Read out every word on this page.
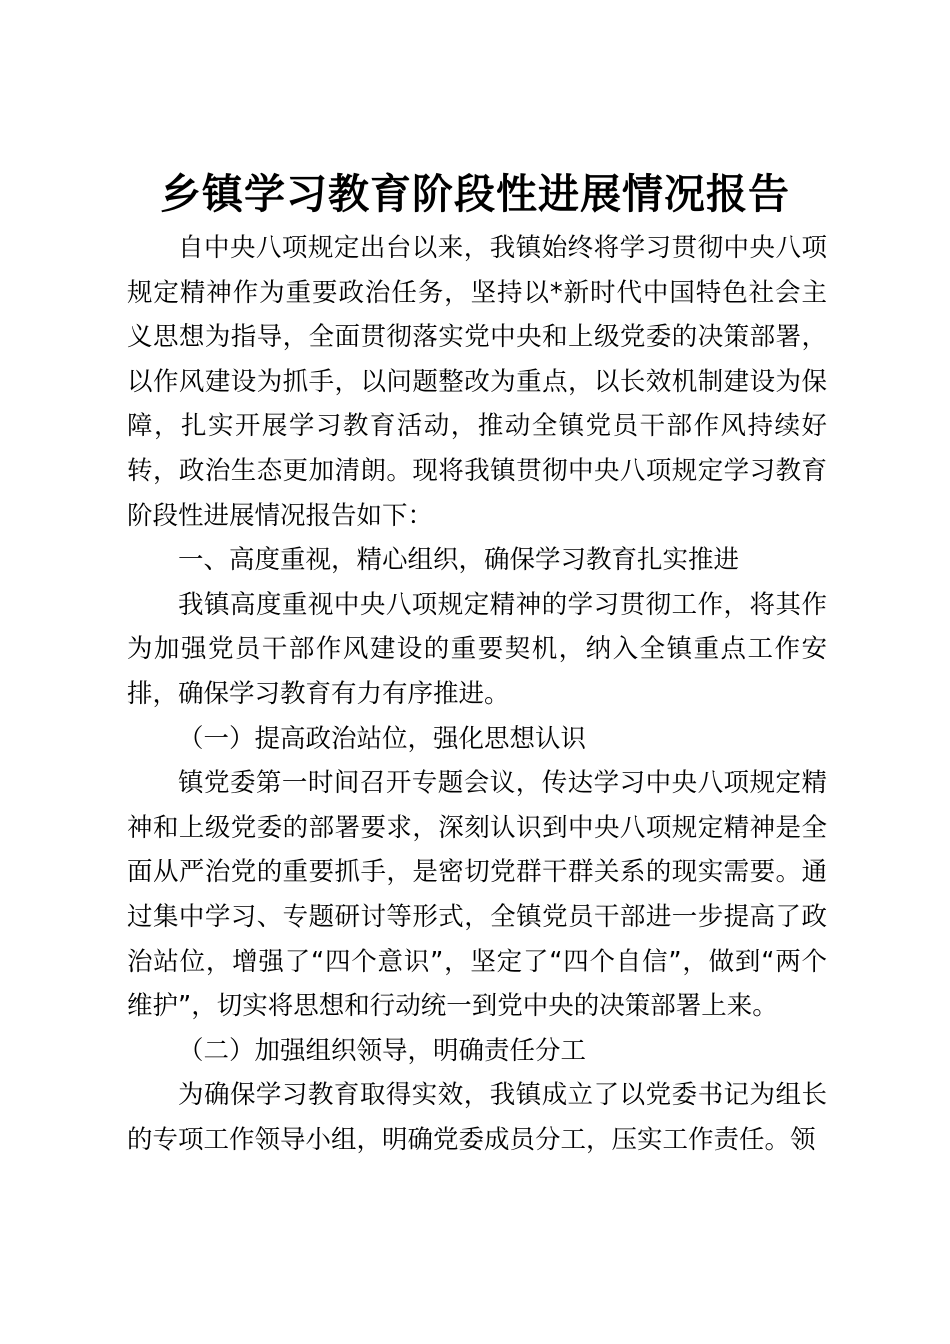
乡镇学习教育阶段性进展情况报告

自中央八项规定出台以来，我镇始终将学习贯彻中央八项规定精神作为重要政治任务，坚持以*新时代中国特色社会主义思想为指导，全面贯彻落实党中央和上级党委的决策部署，以作风建设为抓手，以问题整改为重点，以长效机制建设为保障，扎实开展学习教育活动，推动全镇党员干部作风持续好转，政治生态更加清朗。现将我镇贯彻中央八项规定学习教育阶段性进展情况报告如下：

一、高度重视，精心组织，确保学习教育扎实推进

我镇高度重视中央八项规定精神的学习贯彻工作，将其作为加强党员干部作风建设的重要契机，纳入全镇重点工作安排，确保学习教育有力有序推进。

（一）提高政治站位，强化思想认识

镇党委第一时间召开专题会议，传达学习中央八项规定精神和上级党委的部署要求，深刻认识到中央八项规定精神是全面从严治党的重要抓手，是密切党群干群关系的现实需要。通过集中学习、专题研讨等形式，全镇党员干部进一步提高了政治站位，增强了“四个意识”，坚定了“四个自信”，做到“两个维护”，切实将思想和行动统一到党中央的决策部署上来。

（二）加强组织领导，明确责任分工

为确保学习教育取得实效，我镇成立了以党委书记为组长的专项工作领导小组，明确党委成员分工，压实工作责任。领
